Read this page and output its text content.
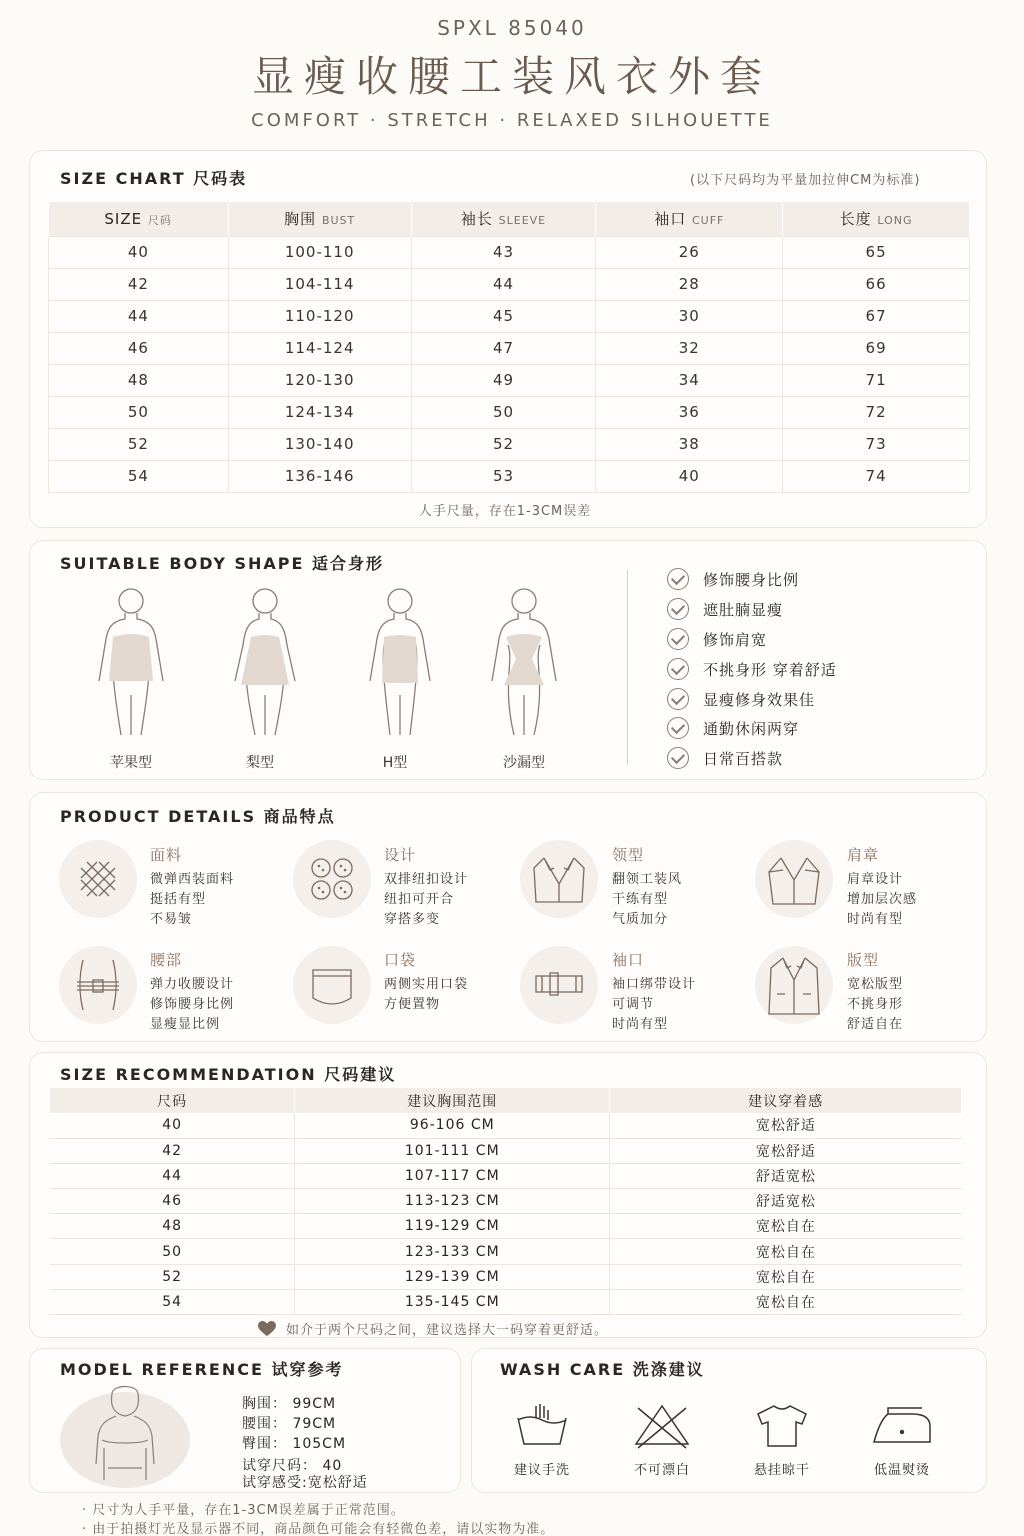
SPXL 85040
显瘦收腰工装风衣外套
COMFORT · STRETCH · RELAXED SILHOUETTE
SIZE CHART 尺码表	(以下尺码均为平量加拉伸CM为标准)
SIZE 尺码	胸围 BUST	袖长 SLEEVE	袖口 CUFF	长度 LONG
40	100-110	43	26	65
42	104-114	44	28	66
44	110-120	45	30	67
46	114-124	47	32	69
48	120-130	49	34	71
50	124-134	50	36	72
52	130-140	52	38	73
54	136-146	53	40	74
人手尺量，存在1-3CM误差
SUITABLE BODY SHAPE 适合身形
苹果型	梨型	H型	沙漏型
修饰腰身比例
遮肚腩显瘦
修饰肩宽
不挑身形 穿着舒适
显瘦修身效果佳
通勤休闲两穿
日常百搭款
PRODUCT DETAILS 商品特点
面料
微弹西装面料
挺括有型
不易皱
设计
双排纽扣设计
纽扣可开合
穿搭多变
领型
翻领工装风
干练有型
气质加分
肩章
肩章设计
增加层次感
时尚有型
腰部
弹力收腰设计
修饰腰身比例
显瘦显比例
口袋
两侧实用口袋
方便置物
袖口
袖口绑带设计
可调节
时尚有型
版型
宽松版型
不挑身形
舒适自在
SIZE RECOMMENDATION 尺码建议
尺码	建议胸围范围	建议穿着感
40	96-106 CM	宽松舒适
42	101-111 CM	宽松舒适
44	107-117 CM	舒适宽松
46	113-123 CM	舒适宽松
48	119-129 CM	宽松自在
50	123-133 CM	宽松自在
52	129-139 CM	宽松自在
54	135-145 CM	宽松自在
如介于两个尺码之间，建议选择大一码穿着更舒适。
MODEL REFERENCE 试穿参考
胸围： 99CM
腰围： 79CM
臀围： 105CM
试穿尺码： 40
试穿感受:宽松舒适
WASH CARE 洗涤建议
建议手洗	不可漂白	悬挂晾干	低温熨烫
· 尺寸为人手平量，存在1-3CM误差属于正常范围。
· 由于拍摄灯光及显示器不同，商品颜色可能会有轻微色差，请以实物为准。
